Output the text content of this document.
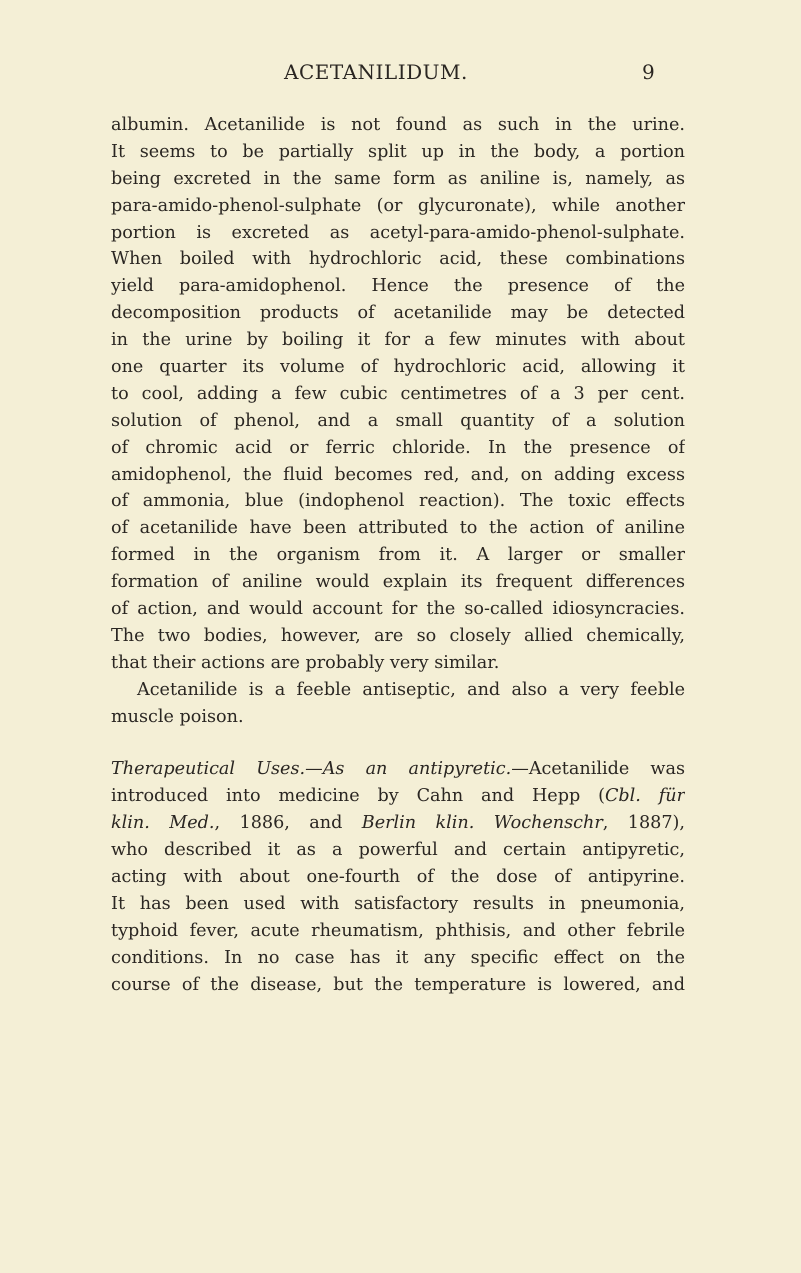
ACETANILIDUM.	9
albumin. Acetanilide is not found as such in the urine.
It seems to be partially split up in the body, a portion
being excreted in the same form as aniline is, namely, as
para-amido-phenol-sulphate (or glycuronate), while another
portion is excreted as acetyl-para-amido-phenol-sulphate.
When boiled with hydrochloric acid, these combinations
yield para-amidophenol. Hence the presence of the
decomposition products of acetanilide may be detected
in the urine by boiling it for a few minutes with about
one quarter its volume of hydrochloric acid, allowing it
to cool, adding a few cubic centimetres of a 3 per cent.
solution of phenol, and a small quantity of a solution
of chromic acid or ferric chloride. In the presence of
amidophenol, the fluid becomes red, and, on adding excess
of ammonia, blue (indophenol reaction). The toxic effects
of acetanilide have been attributed to the action of aniline
formed in the organism from it. A larger or smaller
formation of aniline would explain its frequent differences
of action, and would account for the so-called idiosyncracies.
The two bodies, however, are so closely allied chemically,
that their actions are probably very similar.
Acetanilide is a feeble antiseptic, and also a very feeble
muscle poison.
Therapeutical Uses.—As an antipyretic.—Acetanilide was
introduced into medicine by Cahn and Hepp (Cbl. für
klin. Med., 1886, and Berlin klin. Wochenschr, 1887),
who described it as a powerful and certain antipyretic,
acting with about one-fourth of the dose of antipyrine.
It has been used with satisfactory results in pneumonia,
typhoid fever, acute rheumatism, phthisis, and other febrile
conditions. In no case has it any specific effect on the
course of the disease, but the temperature is lowered, and
